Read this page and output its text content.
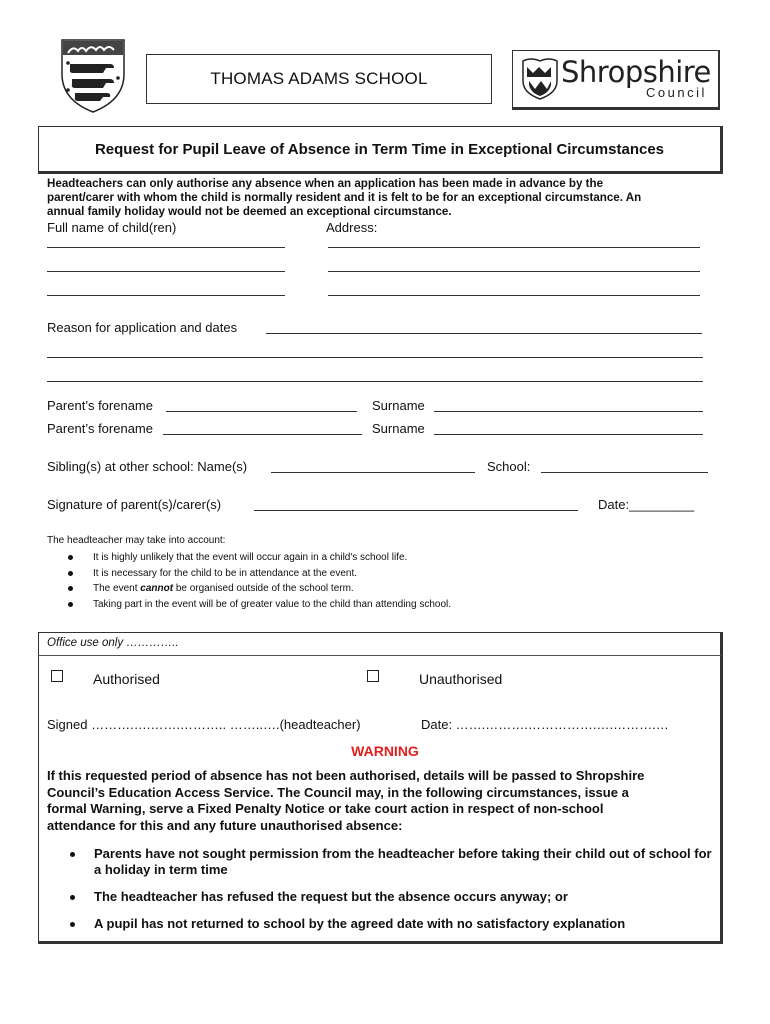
THOMAS ADAMS SCHOOL	Shropshire
Council
Request for Pupil Leave of Absence in Term Time in Exceptional Circumstances
Headteachers can only authorise any absence when an application has been made in advance by the
parent/carer with whom the child is normally resident and it is felt to be for an exceptional circumstance. An
annual family holiday would not be deemed an exceptional circumstance.
Full name of child(ren)	Address:
Reason for application and dates
Parent’s forename	Surname
Parent’s forename	Surname
Sibling(s) at other school: Name(s)	School:
Signature of parent(s)/carer(s)	Date:_________
The headteacher may take into account:
It is highly unlikely that the event will occur again in a child's school life.
It is necessary for the child to be in attendance at the event.
The event cannot be organised outside of the school term.
Taking part in the event will be of greater value to the child than attending school.
Office use only …………..
Authorised	Unauthorised
Signed ……….….…….……….. ……..….(headteacher)	Date: …….……….…………….….……….…
WARNING
If this requested period of absence has not been authorised, details will be passed to Shropshire
Council’s Education Access Service. The Council may, in the following circumstances, issue a
formal Warning, serve a Fixed Penalty Notice or take court action in respect of non-school
attendance for this and any future unauthorised absence:
Parents have not sought permission from the headteacher before taking their child out of school for a holiday in term time
The headteacher has refused the request but the absence occurs anyway; or
A pupil has not returned to school by the agreed date with no satisfactory explanation
